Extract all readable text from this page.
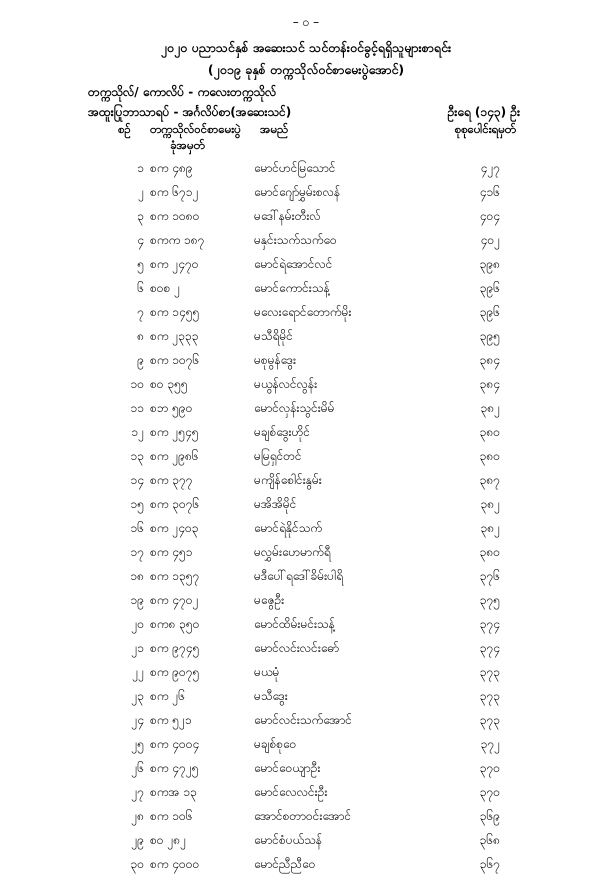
– ၀ –
၂၀၂၀ ပညာသင်နှစ် အဆေးသင် သင်တန်းဝင်ခွင့်ရရှိသူများစာရင်း
(၂၀၁၉ ခုနှစ် တက္ကသိုလ်ဝင်စာမေးပွဲအောင်)
တက္ကသိုလ်/ ကောလိပ် - ကလေးတက္ကသိုလ်
အထူးပြုဘာသာရပ် - အင်္ဂလိပ်စာ(အဆေးသင်)	ဦးရေ (၁၄၃) ဦး
စဉ် တက္ကသိုလ်ဝင်စာမေးပွဲ
ခုံအမှတ်
အမည်	စုစုပေါင်းရမှတ်
၁ စက ၄၈၉	မောင်ဟင်မြသောင်	၄၂၇
၂ စက ၆၇၁၂	မောင်ဂျော်မွှမ်းစလန်	၄၁၆
၃ စက ၁၀၈၀	မဒေါ်နမ်းတီးလ်	၄၀၄
၄ စကက ၁၈၇	မနှင်းသက်သက်ဝေ	၄၀၂
၅ စက ၂၄၇၀	မောင်ရဲအောင်လင်	၃၉၈
၆ စ၀စ ၂	မောင်ကောင်းသန့်	၃၉၆
၇ စက ၁၄၅၅	မလေးရောင်တောက်မိုး	၃၉၆
၈ စက ၂၃၃၃	မသီရိမိုင်	၃၉၅
၉ စက ၁၀၇၆	မစုမွန်ဒွေး	၃၈၄
၁၀ စ၀ ၃၅၅	မယွန်လင်လွန်း	၃၈၄
၁၁ စဘ ၅၉၀	မောင်လှန်းသွင်းမိမ်	၃၈၂
၁၂ စက ၂၅၄၅	မချစ်ဒွေးဟိုင်	၃၈၀
၁၃ စက ၂၉၈၆	မမြရှင်တင်	၃၈၀
၁၄ စက ၃၇၇	မကျိန်စေါင်းနွမ်း	၃၈၇
၁၅ စက ၃၀၇၆	မအိအိမိုင်	၃၈၂
၁၆ စက ၂၄၀၃	မောင်ရဲနိုင်သက်	၃၈၂
၁၇ စက ၄၅၁	မလွှမ်းဟေမာက်ရီ	၃၈၀
၁၈ စက ၁၃၅၇	မဒီပေါ်ရဒေါ်ခိမ်းပါရိ	၃၇၆
၁၉ စက ၄၇၀၂	မဇွေဦး	၃၇၅
၂၀ စက၈ ၃၅၀	မောင်ထိမ်းမင်းသန့်	၃၇၄
၂၁ စက ၉၇၄၅	မောင်လင်းလင်းဓော်	၃၇၄
၂၂ စက ၉၀၇၅	မယမုံ	၃၇၃
၂၃ စက ၂၆	မသီဒွေး	၃၇၃
၂၄ စက ၅၂၁	မောင်လင်းသက်အောင်	၃၇၃
၂၅ စက ၄၀၀၄	မချစ်စုဝေ	၃၇၂
၂၆ စက ၄၇၂၅	မောင်ဝေယျာဦး	၃၇၀
၂၇ စကအ ၁၃	မောင်လေလင်းဦး	၃၇၀
၂၈ စက ၁၀၆	အောင်စတာဝင်းအောင်	၃၆၉
၂၉ စ၀ ၂၈၂	မောင်စံပယ်သန်	၃၆၈
၃၀ စက ၄၀၀၀	မောင်ညီညီဝေ	၃၆၇
